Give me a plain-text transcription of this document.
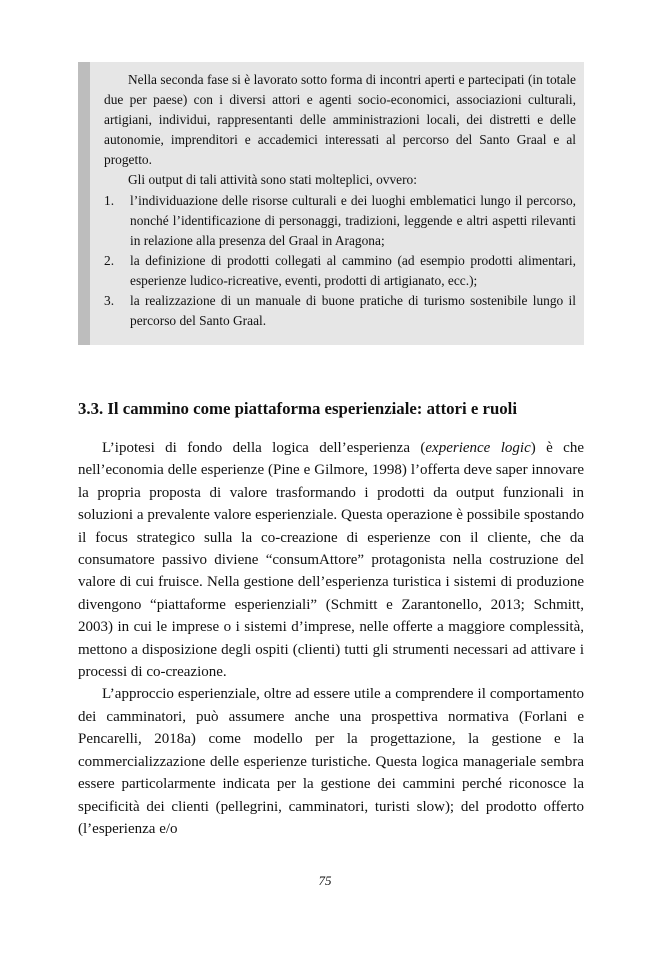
Nella seconda fase si è lavorato sotto forma di incontri aperti e partecipati (in totale due per paese) con i diversi attori e agenti socio-economici, associazioni culturali, artigiani, individui, rappresentanti delle amministrazioni locali, dei distretti e delle autonomie, imprenditori e accademici interessati al percorso del Santo Graal e al progetto.

Gli output di tali attività sono stati molteplici, ovvero:

1. l’individuazione delle risorse culturali e dei luoghi emblematici lungo il percorso, nonché l’identificazione di personaggi, tradizioni, leggende e altri aspetti rilevanti in relazione alla presenza del Graal in Aragona;
2. la definizione di prodotti collegati al cammino (ad esempio prodotti alimentari, esperienze ludico-ricreative, eventi, prodotti di artigianato, ecc.);
3. la realizzazione di un manuale di buone pratiche di turismo sostenibile lungo il percorso del Santo Graal.
3.3. Il cammino come piattaforma esperienziale: attori e ruoli

L’ipotesi di fondo della logica dell’esperienza (experience logic) è che nell’economia delle esperienze (Pine e Gilmore, 1998) l’offerta deve saper innovare la propria proposta di valore trasformando i prodotti da output funzionali in soluzioni a prevalente valore esperienziale. Questa operazione è possibile spostando il focus strategico sulla la co-creazione di esperienze con il cliente, che da consumatore passivo diviene “consumAttore” protagonista nella costruzione del valore di cui fruisce. Nella gestione dell’esperienza turistica i sistemi di produzione divengono “piattaforme esperienziali” (Schmitt e Zarantonello, 2013; Schmitt, 2003) in cui le imprese o i sistemi d’imprese, nelle offerte a maggiore complessità, mettono a disposizione degli ospiti (clienti) tutti gli strumenti necessari ad attivare i processi di co-creazione.

L’approccio esperienziale, oltre ad essere utile a comprendere il comportamento dei camminatori, può assumere anche una prospettiva normativa (Forlani e Pencarelli, 2018a) come modello per la progettazione, la gestione e la commercializzazione delle esperienze turistiche. Questa logica manageriale sembra essere particolarmente indicata per la gestione dei cammini perché riconosce la specificità dei clienti (pellegrini, camminatori, turisti slow); del prodotto offerto (l’esperienza e/o

75
